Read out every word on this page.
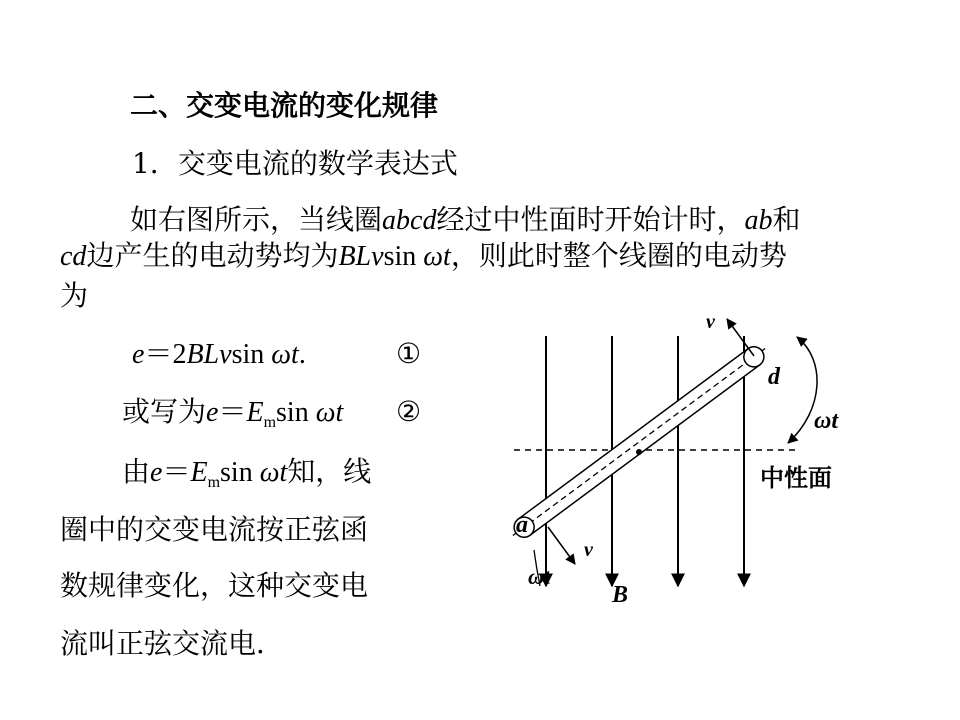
二、交变电流的变化规律
1．交变电流的数学表达式
如右图所示，当线圈abcd经过中性面时开始计时，ab和
cd边产生的电动势均为BLvsin ωt，则此时整个线圈的电动势
为
e＝2BLvsin ωt.	①
或写为$e=E_m\sin$ ωt ②
由$e=E_m\sin$ ωt知，线
圈中的交变电流按正弦函
数规律变化，这种交变电
流叫正弦交流电．
v
d
ωt
中性面
a
v
ωt
B
